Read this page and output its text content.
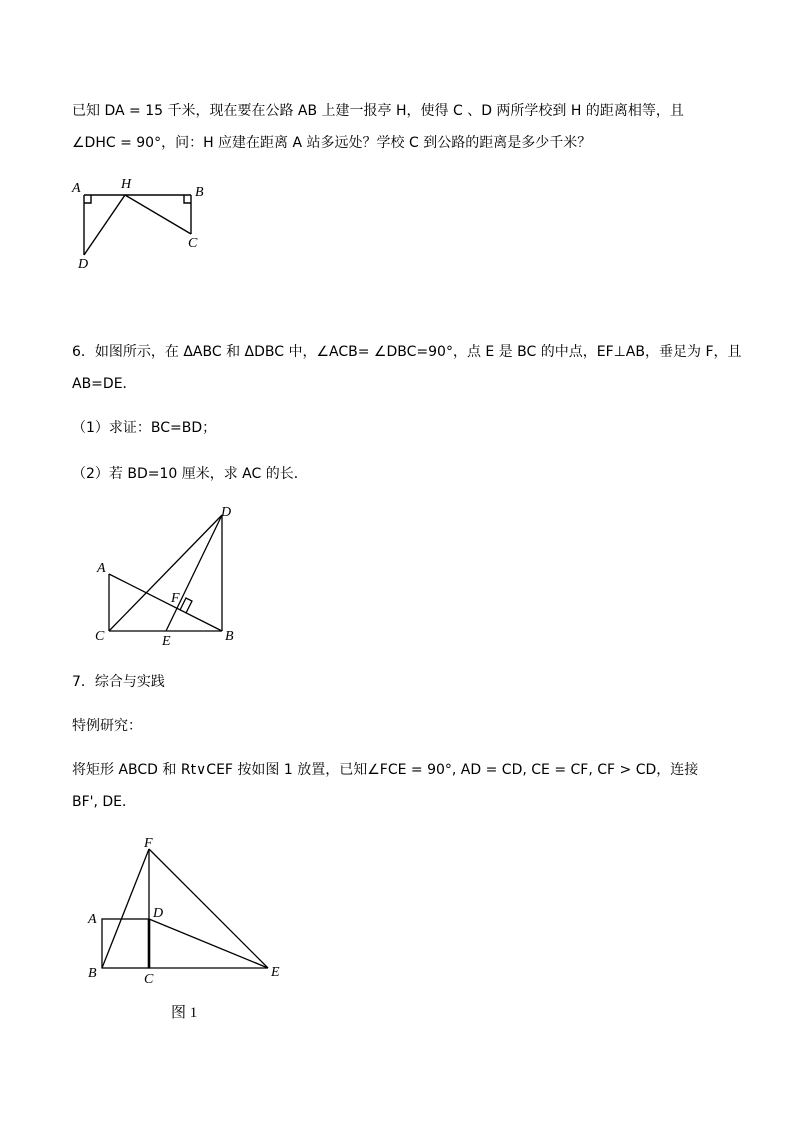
已知 DA = 15 千米，现在要在公路 AB 上建一报亭 H，使得 C 、D 两所学校到 H 的距离相等，且
∠DHC = 90°，问：H 应建在距离 A 站多远处？学校 C 到公路的距离是多少千米？
A	H
B
C
D
6．如图所示，在 ΔABC 和 ΔDBC 中，∠ACB= ∠DBC=90°，点 E 是 BC 的中点，EF⊥AB，垂足为 F，且
AB=DE．
（1）求证：BC=BD；
（2）若 BD=10 厘米，求 AC 的长．
D
A
F
C	E	B
7．综合与实践
特例研究：
将矩形 ABCD 和 Rt∨CEF 按如图 1 放置，已知∠FCE = 90°, AD = CD, CE = CF, CF > CD，连接
BF', DE．
F
A	D
B	C	E
图 1
